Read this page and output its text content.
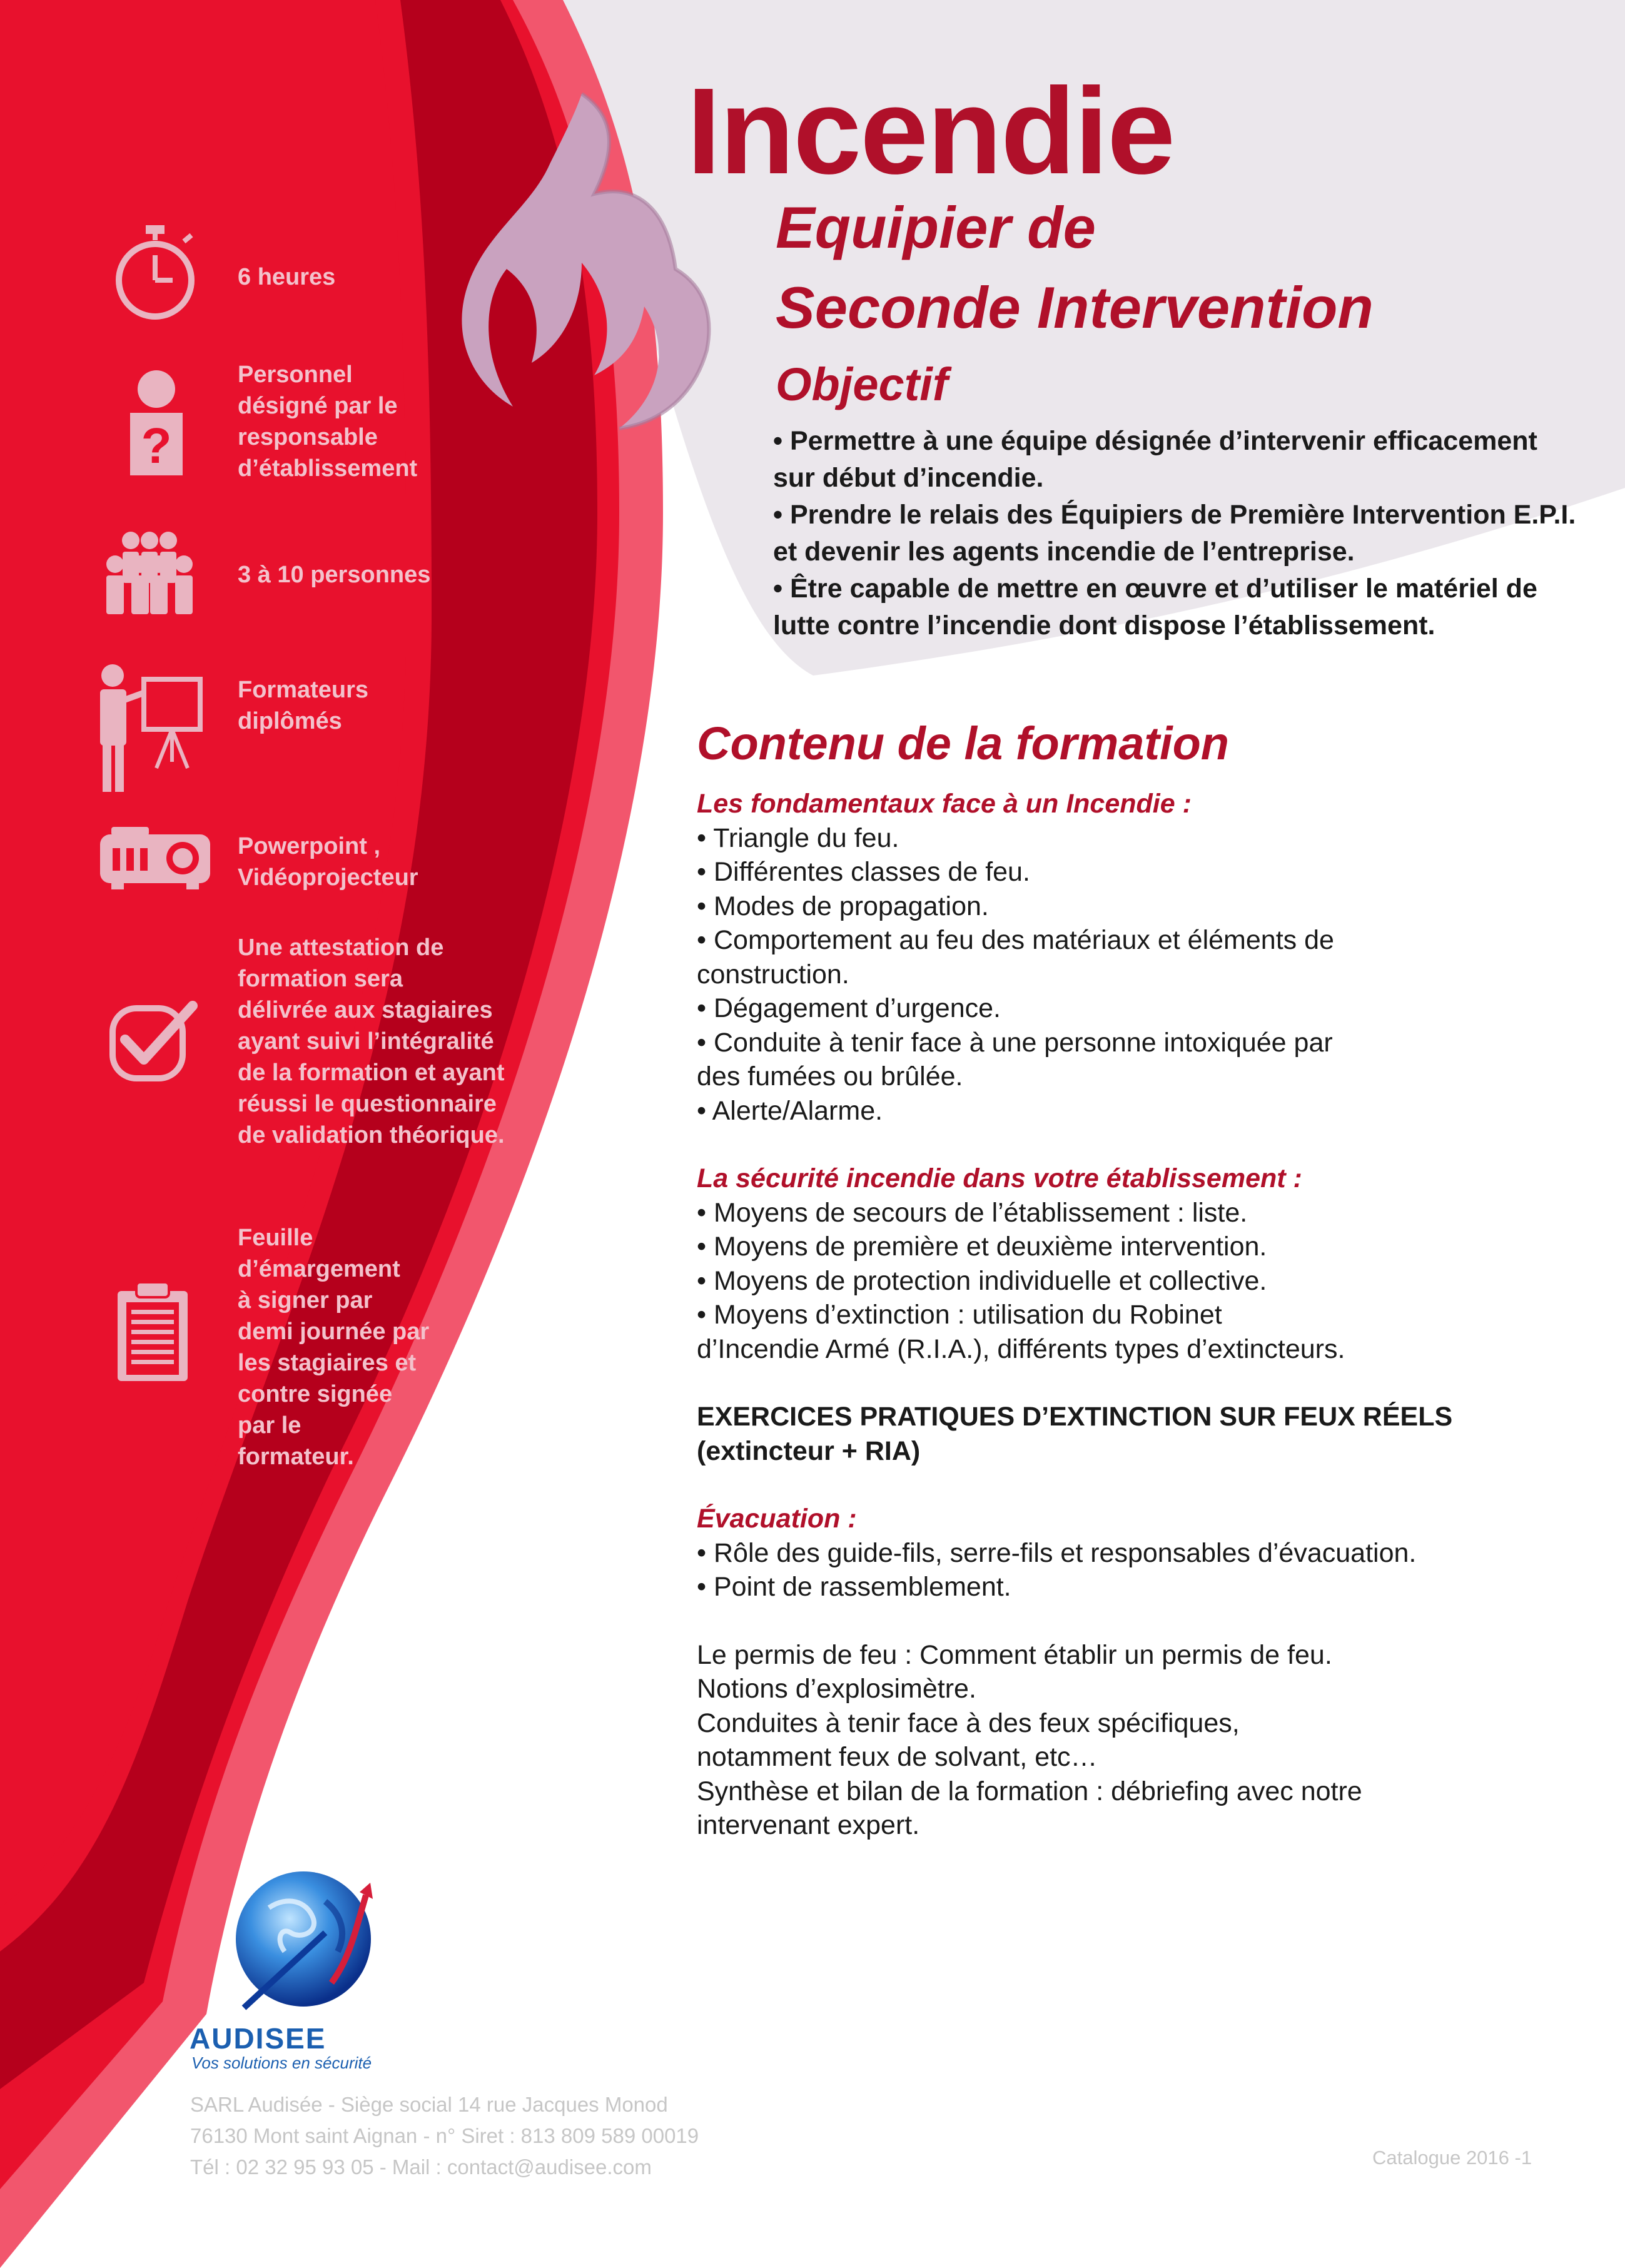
Incendie
Equipier de
Seconde Intervention
Objectif
• Permettre à une équipe désignée d’intervenir efficacement
sur début d’incendie.
• Prendre le relais des Équipiers de Première Intervention E.P.I.
et devenir les agents incendie de l’entreprise.
• Être capable de mettre en œuvre et d’utiliser le matériel de
lutte contre l’incendie dont dispose l’établissement.
?
6 heures
Personnel
désigné par le
responsable
d’établissement
3 à 10 personnes
Formateurs
diplômés
Powerpoint ,
Vidéoprojecteur
Une attestation de
formation sera
délivrée aux stagiaires
ayant suivi l’intégralité
de la formation et ayant
réussi le questionnaire
de validation théorique.
Feuille
d’émargement
à signer par
demi journée par
les stagiaires et
contre signée
par le
formateur.
Contenu de la formation
Les fondamentaux face à un Incendie :
• Triangle du feu.
• Différentes classes de feu.
• Modes de propagation.
• Comportement au feu des matériaux et éléments de
construction.
• Dégagement d’urgence.
• Conduite à tenir face à une personne intoxiquée par
des fumées ou brûlée.
• Alerte/Alarme.
La sécurité incendie dans votre établissement :
• Moyens de secours de l’établissement : liste.
• Moyens de première et deuxième intervention.
• Moyens de protection individuelle et collective.
• Moyens d’extinction : utilisation du Robinet
d’Incendie Armé (R.I.A.), différents types d’extincteurs.
EXERCICES PRATIQUES D’EXTINCTION SUR FEUX RÉELS
(extincteur + RIA)
Évacuation :
• Rôle des guide-fils, serre-fils et responsables d’évacuation.
• Point de rassemblement.
Le permis de feu : Comment établir un permis de feu.
Notions d’explosimètre.
Conduites à tenir face à des feux spécifiques,
notamment feux de solvant, etc…
Synthèse et bilan de la formation : débriefing avec notre
intervenant expert.
AUDISEE
Vos solutions en sécurité
SARL Audisée - Siège social 14 rue Jacques Monod
76130 Mont saint Aignan - n° Siret : 813 809 589 00019
Tél : 02 32 95 93 05 - Mail : contact@audisee.com	Catalogue 2016 -1
